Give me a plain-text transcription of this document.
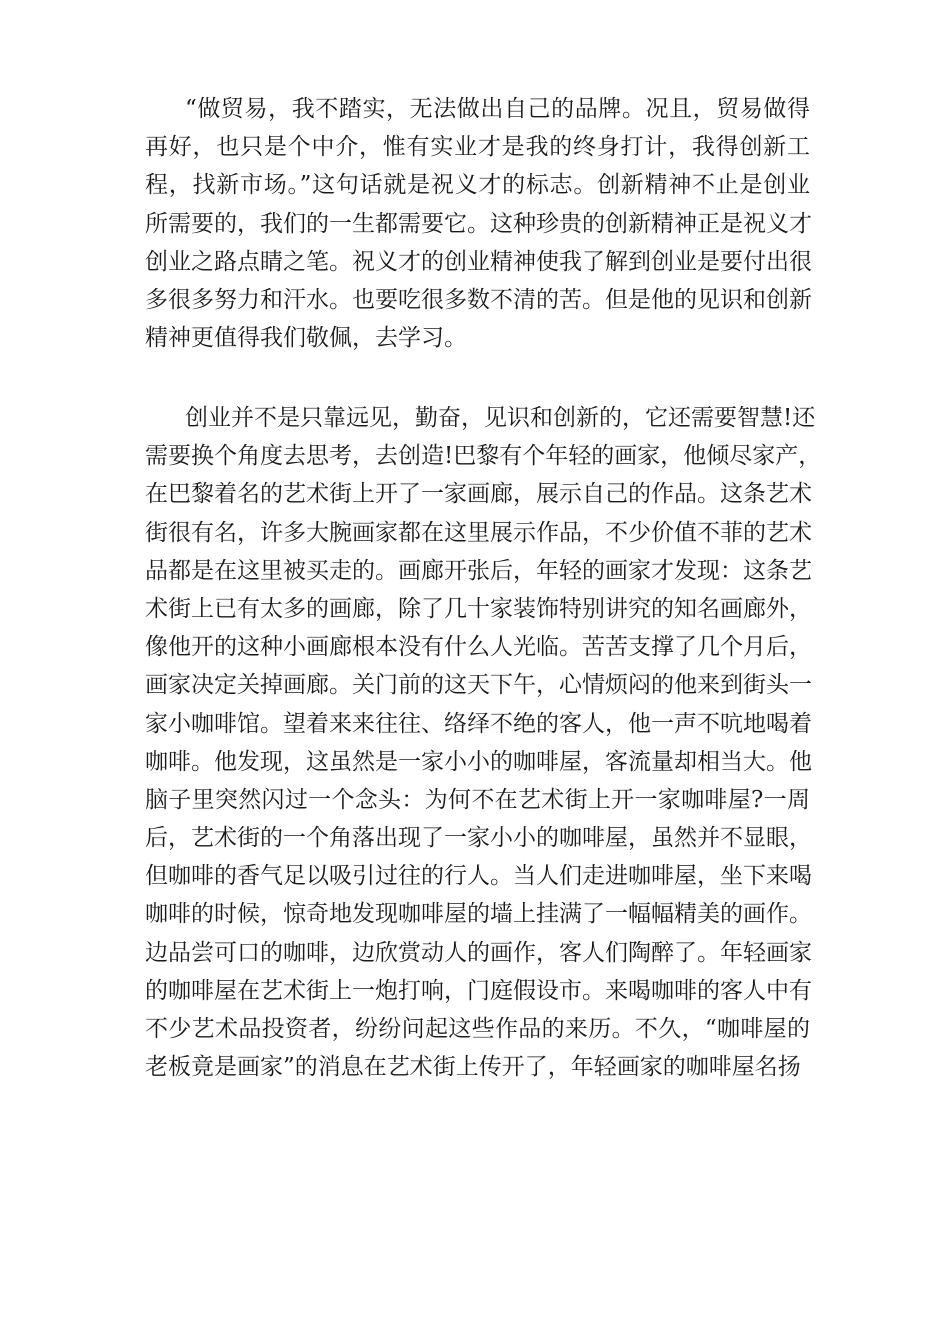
“做贸易，我不踏实，无法做出自己的品牌。况且，贸易做得
再好，也只是个中介，惟有实业才是我的终身打计，我得创新工
程，找新市场。”这句话就是祝义才的标志。创新精神不止是创业
所需要的，我们的一生都需要它。这种珍贵的创新精神正是祝义才
创业之路点睛之笔。祝义才的创业精神使我了解到创业是要付出很
多很多努力和汗水。也要吃很多数不清的苦。但是他的见识和创新
精神更值得我们敬佩，去学习。
创业并不是只靠远见，勤奋，见识和创新的，它还需要智慧!还
需要换个角度去思考，去创造!巴黎有个年轻的画家，他倾尽家产，
在巴黎着名的艺术街上开了一家画廊，展示自己的作品。这条艺术
街很有名，许多大腕画家都在这里展示作品，不少价值不菲的艺术
品都是在这里被买走的。画廊开张后，年轻的画家才发现：这条艺
术街上已有太多的画廊，除了几十家装饰特别讲究的知名画廊外，
像他开的这种小画廊根本没有什么人光临。苦苦支撑了几个月后，
画家决定关掉画廊。关门前的这天下午，心情烦闷的他来到街头一
家小咖啡馆。望着来来往往、络绎不绝的客人，他一声不吭地喝着
咖啡。他发现，这虽然是一家小小的咖啡屋，客流量却相当大。他
脑子里突然闪过一个念头：为何不在艺术街上开一家咖啡屋?一周
后，艺术街的一个角落出现了一家小小的咖啡屋，虽然并不显眼，
但咖啡的香气足以吸引过往的行人。当人们走进咖啡屋，坐下来喝
咖啡的时候，惊奇地发现咖啡屋的墙上挂满了一幅幅精美的画作。
边品尝可口的咖啡，边欣赏动人的画作，客人们陶醉了。年轻画家
的咖啡屋在艺术街上一炮打响，门庭假设市。来喝咖啡的客人中有
不少艺术品投资者，纷纷问起这些作品的来历。不久，“咖啡屋的
老板竟是画家”的消息在艺术街上传开了，年轻画家的咖啡屋名扬
